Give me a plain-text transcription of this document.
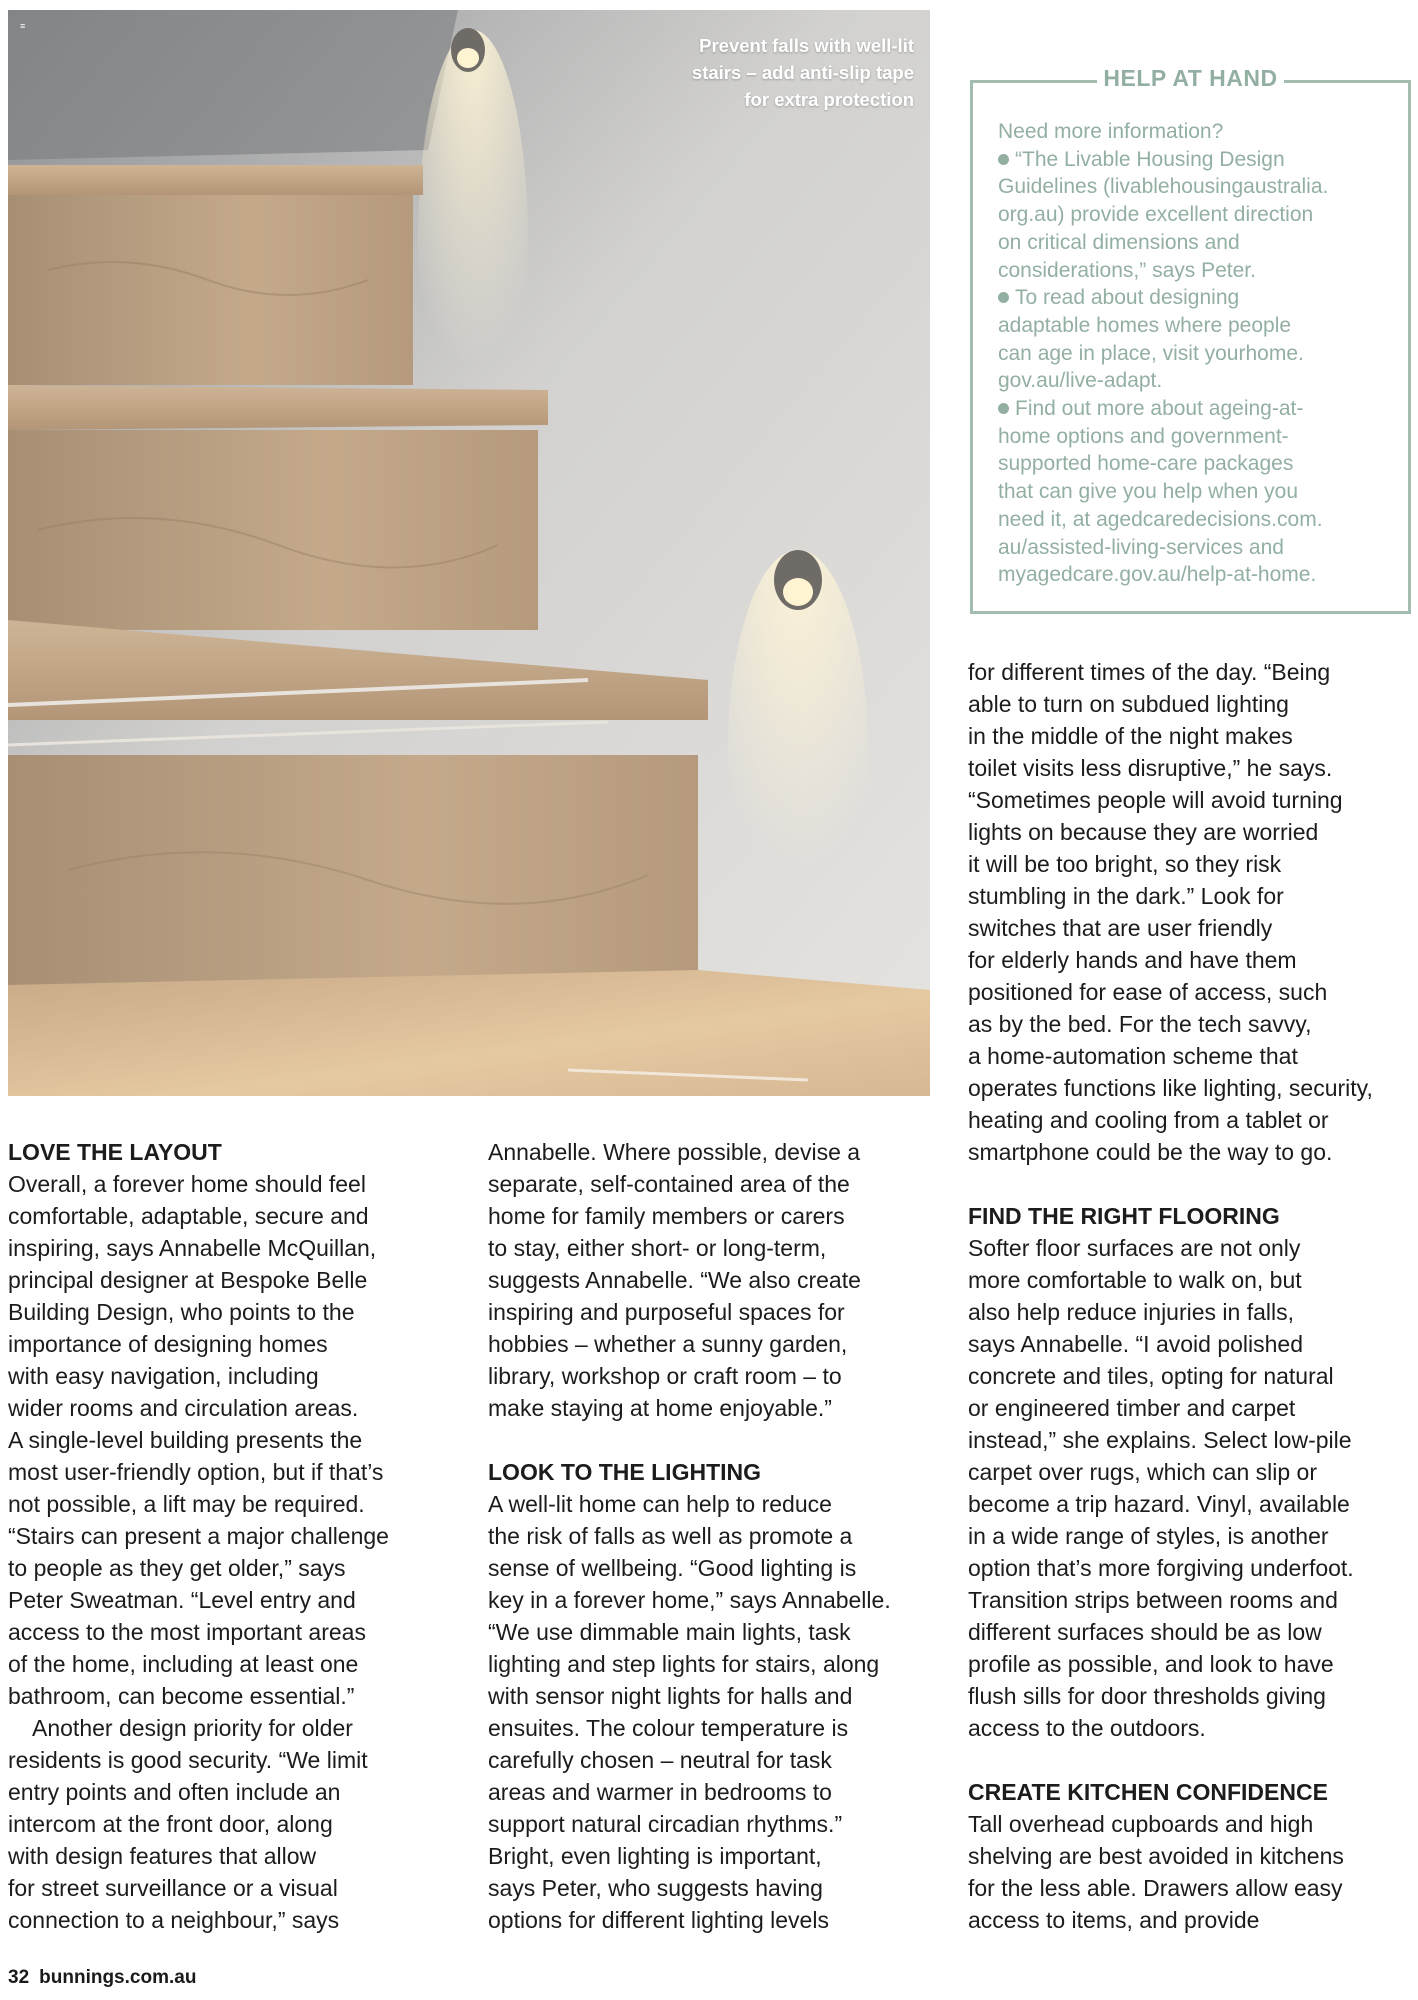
≡
Prevent falls with well-lit
stairs – add anti-slip tape
for extra protection
HELP AT HAND
Need more information?
“The Livable Housing Design
Guidelines (livablehousingaustralia.
org.au) provide excellent direction
on critical dimensions and
considerations,” says Peter.
To read about designing
adaptable homes where people
can age in place, visit yourhome.
gov.au/live-adapt.
Find out more about ageing-at-
home options and government-
supported home-care packages
that can give you help when you
need it, at agedcaredecisions.com.
au/assisted-living-services and
myagedcare.gov.au/help-at-home.
LOVE THE LAYOUT
Overall, a forever home should feel
comfortable, adaptable, secure and
inspiring, says Annabelle McQuillan,
principal designer at Bespoke Belle
Building Design, who points to the
importance of designing homes
with easy navigation, including
wider rooms and circulation areas.
A single-level building presents the
most user-friendly option, but if that’s
not possible, a lift may be required.
“Stairs can present a major challenge
to people as they get older,” says
Peter Sweatman. “Level entry and
access to the most important areas
of the home, including at least one
bathroom, can become essential.”
Another design priority for older
residents is good security. “We limit
entry points and often include an
intercom at the front door, along
with design features that allow
for street surveillance or a visual
connection to a neighbour,” says
Annabelle. Where possible, devise a
separate, self-contained area of the
home for family members or carers
to stay, either short- or long-term,
suggests Annabelle. “We also create
inspiring and purposeful spaces for
hobbies – whether a sunny garden,
library, workshop or craft room – to
make staying at home enjoyable.”
LOOK TO THE LIGHTING
A well-lit home can help to reduce
the risk of falls as well as promote a
sense of wellbeing. “Good lighting is
key in a forever home,” says Annabelle.
“We use dimmable main lights, task
lighting and step lights for stairs, along
with sensor night lights for halls and
ensuites. The colour temperature is
carefully chosen – neutral for task
areas and warmer in bedrooms to
support natural circadian rhythms.”
Bright, even lighting is important,
says Peter, who suggests having
options for different lighting levels
for different times of the day. “Being
able to turn on subdued lighting
in the middle of the night makes
toilet visits less disruptive,” he says.
“Sometimes people will avoid turning
lights on because they are worried
it will be too bright, so they risk
stumbling in the dark.” Look for
switches that are user friendly
for elderly hands and have them
positioned for ease of access, such
as by the bed. For the tech savvy,
a home-automation scheme that
operates functions like lighting, security,
heating and cooling from a tablet or
smartphone could be the way to go.
FIND THE RIGHT FLOORING
Softer floor surfaces are not only
more comfortable to walk on, but
also help reduce injuries in falls,
says Annabelle. “I avoid polished
concrete and tiles, opting for natural
or engineered timber and carpet
instead,” she explains. Select low-pile
carpet over rugs, which can slip or
become a trip hazard. Vinyl, available
in a wide range of styles, is another
option that’s more forgiving underfoot.
Transition strips between rooms and
different surfaces should be as low
profile as possible, and look to have
flush sills for door thresholds giving
access to the outdoors.
CREATE KITCHEN CONFIDENCE
Tall overhead cupboards and high
shelving are best avoided in kitchens
for the less able. Drawers allow easy
access to items, and provide
32 bunnings.com.au
